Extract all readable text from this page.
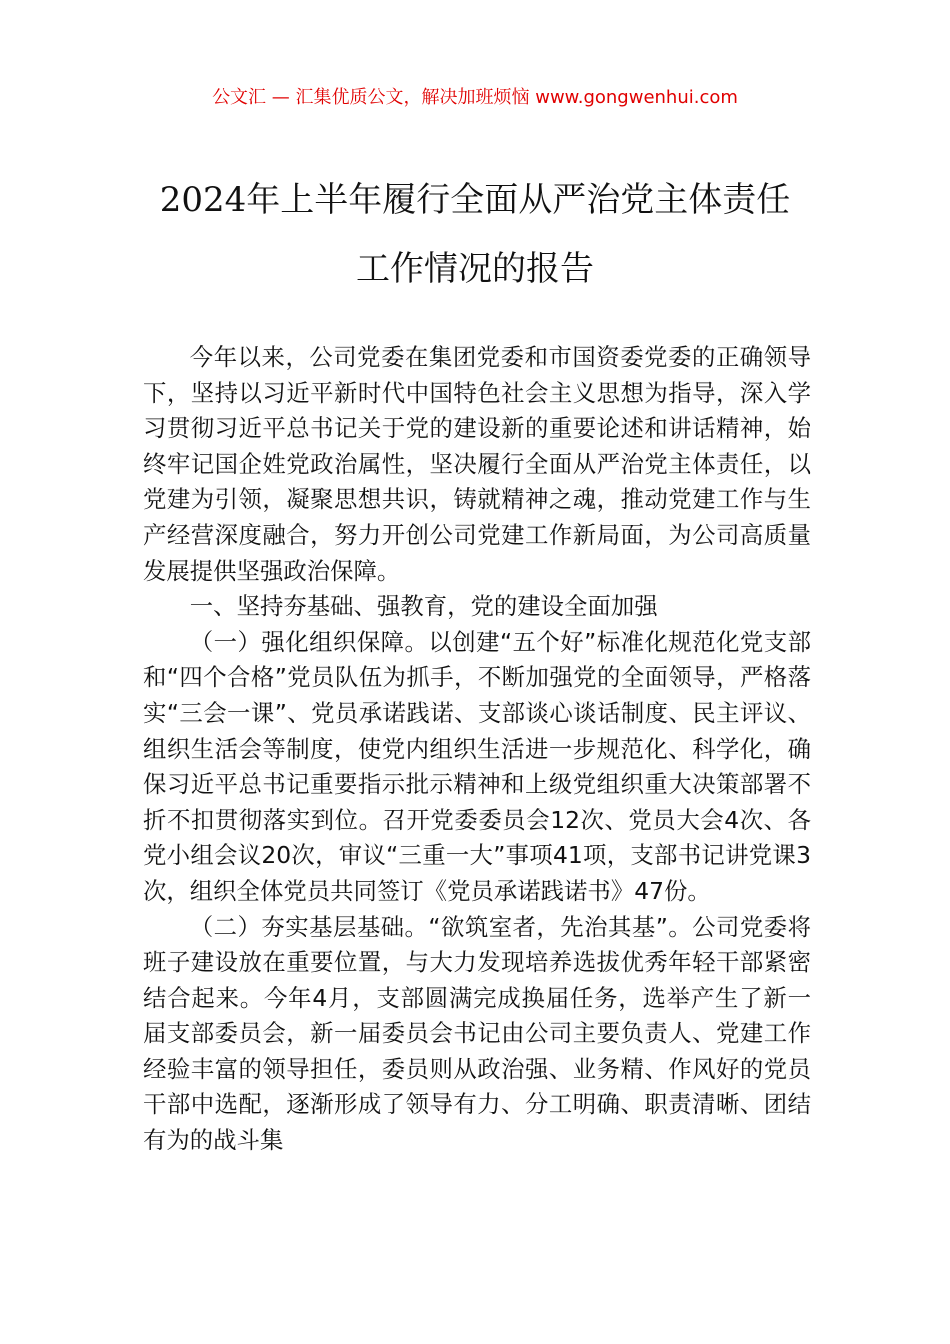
公文汇 — 汇集优质公文，解决加班烦恼 www.gongwenhui.com
2024年上半年履行全面从严治党主体责任
工作情况的报告

今年以来，公司党委在集团党委和市国资委党委的正确领导下，坚持以习近平新时代中国特色社会主义思想为指导，深入学习贯彻习近平总书记关于党的建设新的重要论述和讲话精神，始终牢记国企姓党政治属性，坚决履行全面从严治党主体责任，以党建为引领，凝聚思想共识，铸就精神之魂，推动党建工作与生产经营深度融合，努力开创公司党建工作新局面，为公司高质量发展提供坚强政治保障。

一、坚持夯基础、强教育，党的建设全面加强

（一）强化组织保障。以创建“五个好”标准化规范化党支部和“四个合格”党员队伍为抓手，不断加强党的全面领导，严格落实“三会一课”、党员承诺践诺、支部谈心谈话制度、民主评议、组织生活会等制度，使党内组织生活进一步规范化、科学化，确保习近平总书记重要指示批示精神和上级党组织重大决策部署不折不扣贯彻落实到位。召开党委委员会12次、党员大会4次、各党小组会议20次，审议“三重一大”事项41项，支部书记讲党课3次，组织全体党员共同签订《党员承诺践诺书》47份。

（二）夯实基层基础。“欲筑室者，先治其基”。公司党委将班子建设放在重要位置，与大力发现培养选拔优秀年轻干部紧密结合起来。今年4月，支部圆满完成换届任务，选举产生了新一届支部委员会，新一届委员会书记由公司主要负责人、党建工作经验丰富的领导担任，委员则从政治强、业务精、作风好的党员干部中选配，逐渐形成了领导有力、分工明确、职责清晰、团结有为的战斗集
